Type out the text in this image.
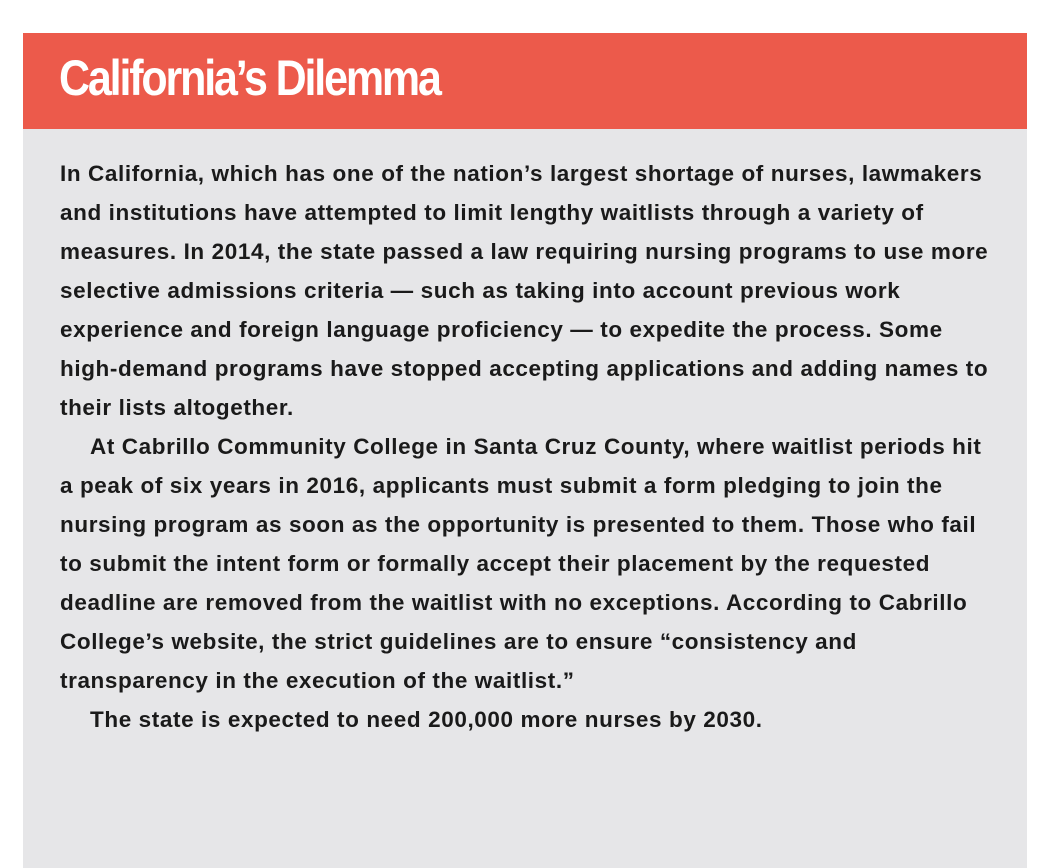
California’s Dilemma

In California, which has one of the nation’s largest shortage of nurses, lawmakers and institutions have attempted to limit lengthy waitlists through a variety of measures. In 2014, the state passed a law requiring nursing programs to use more selective admissions criteria — such as taking into account previous work experience and foreign language proficiency — to expedite the process. Some high-demand programs have stopped accepting applications and adding names to their lists altogether.

At Cabrillo Community College in Santa Cruz County, where waitlist periods hit a peak of six years in 2016, applicants must submit a form pledging to join the nursing program as soon as the opportunity is presented to them. Those who fail to submit the intent form or formally accept their placement by the requested deadline are removed from the waitlist with no exceptions. According to Cabrillo College’s website, the strict guidelines are to ensure “consistency and transparency in the execution of the waitlist.”

The state is expected to need 200,000 more nurses by 2030.
